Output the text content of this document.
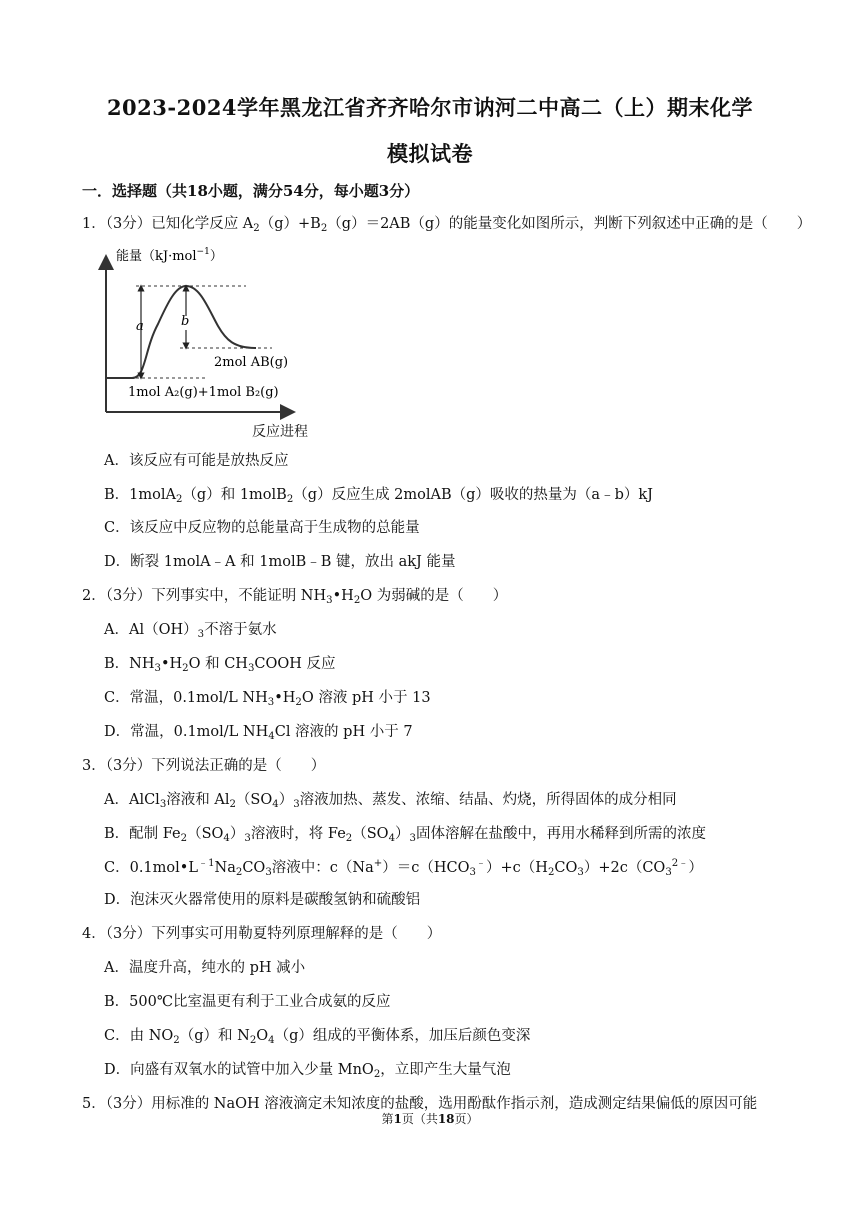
2023-2024学年黑龙江省齐齐哈尔市讷河二中高二（上）期末化学
模拟试卷
一．选择题（共18小题，满分54分，每小题3分）
1．（3分）已知化学反应 $A_2(g)+B_2(g)=2AB(g)$的能量变化如图所示，判断下列叙述中正确的是（　　）
能量（kJ·mol$^{-1}$）
a	b
2mol AB(g)
1mol A₂(g)+1mol B₂(g)
反应进程
A．该反应有可能是放热反应
B．1molA$_2$（g）和 1molB$_2$（g）反应生成 2molAB（g）吸收的热量为（a﹣b）kJ
C．该反应中反应物的总能量高于生成物的总能量
D．断裂 1molA﹣A 和 1molB﹣B 键，放出 akJ 能量
2．（3分）下列事实中，不能证明 $NH_3•H_2O$ 为弱碱的是（　　）
A．$Al(OH)_3$不溶于氨水
B．$NH_3•H_2O$ 和 $CH_3COOH$ 反应
C．常温，0.1mol/L $NH_3•H_2O$ 溶液 pH 小于 13
D．常温，0.1mol/L $NH_4Cl$ 溶液的 pH 小于 7
3．（3分）下列说法正确的是（　　）
A．AlCl$_3$溶液和 $Al_2(SO_4)_3$溶液加热、蒸发、浓缩、结晶、灼烧，所得固体的成分相同
B．配制 $Fe_2(SO_4)_3$溶液时，将 $Fe_2(SO_4)_3$固体溶解在盐酸中，再用水稀释到所需的浓度
C．$0.1mol•L^{﹣1}Na_2CO_3$溶液中：$c(Na^+)=c(HCO_3^﹣)+c(H_2CO_3)+2c(CO_3^{2﹣})$
D．泡沫灭火器常使用的原料是碳酸氢钠和硫酸铝
4．（3分）下列事实可用勒夏特列原理解释的是（　　）
A．温度升高，纯水的 pH 减小
B．500℃比室温更有利于工业合成氨的反应
C．由 $NO_2(g)$和 $N_2O_4(g)$组成的平衡体系，加压后颜色变深
D．向盛有双氧水的试管中加入少量 MnO$_2$，立即产生大量气泡
5．（3分）用标准的 NaOH 溶液滴定未知浓度的盐酸，选用酚酞作指示剂，造成测定结果偏低的原因可能
第1页（共18页）
